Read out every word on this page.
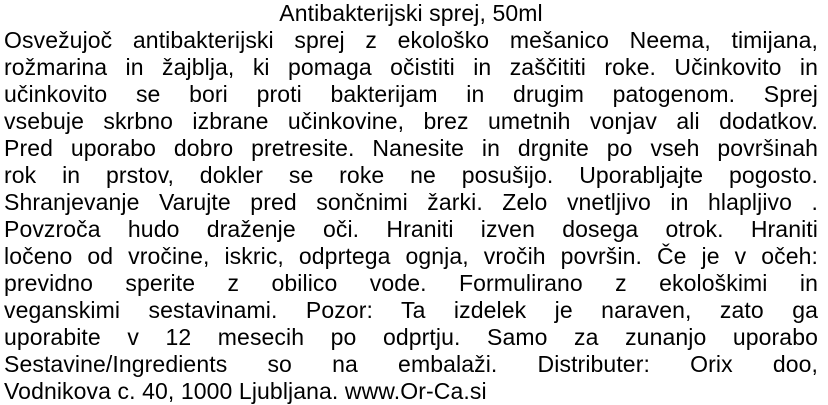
Antibakterijski sprej, 50ml
Osvežujoč antibakterijski sprej z ekološko mešanico Neema, timijana,
rožmarina in žajblja, ki pomaga očistiti in zaščititi roke. Učinkovito in
učinkovito se bori proti bakterijam in drugim patogenom. Sprej
vsebuje skrbno izbrane učinkovine, brez umetnih vonjav ali dodatkov.
Pred uporabo dobro pretresite. Nanesite in drgnite po vseh površinah
rok in prstov, dokler se roke ne posušijo. Uporabljajte pogosto.
Shranjevanje Varujte pred sončnimi žarki. Zelo vnetljivo in hlapljivo .
Povzroča hudo draženje oči. Hraniti izven dosega otrok. Hraniti
ločeno od vročine, iskric, odprtega ognja, vročih površin. Če je v očeh:
previdno sperite z obilico vode. Formulirano z ekološkimi in
veganskimi sestavinami. Pozor: Ta izdelek je naraven, zato ga
uporabite v 12 mesecih po odprtju. Samo za zunanjo uporabo
Sestavine/Ingredients so na embalaži. Distributer: Orix doo,
Vodnikova c. 40, 1000 Ljubljana. www.Or-Ca.si
